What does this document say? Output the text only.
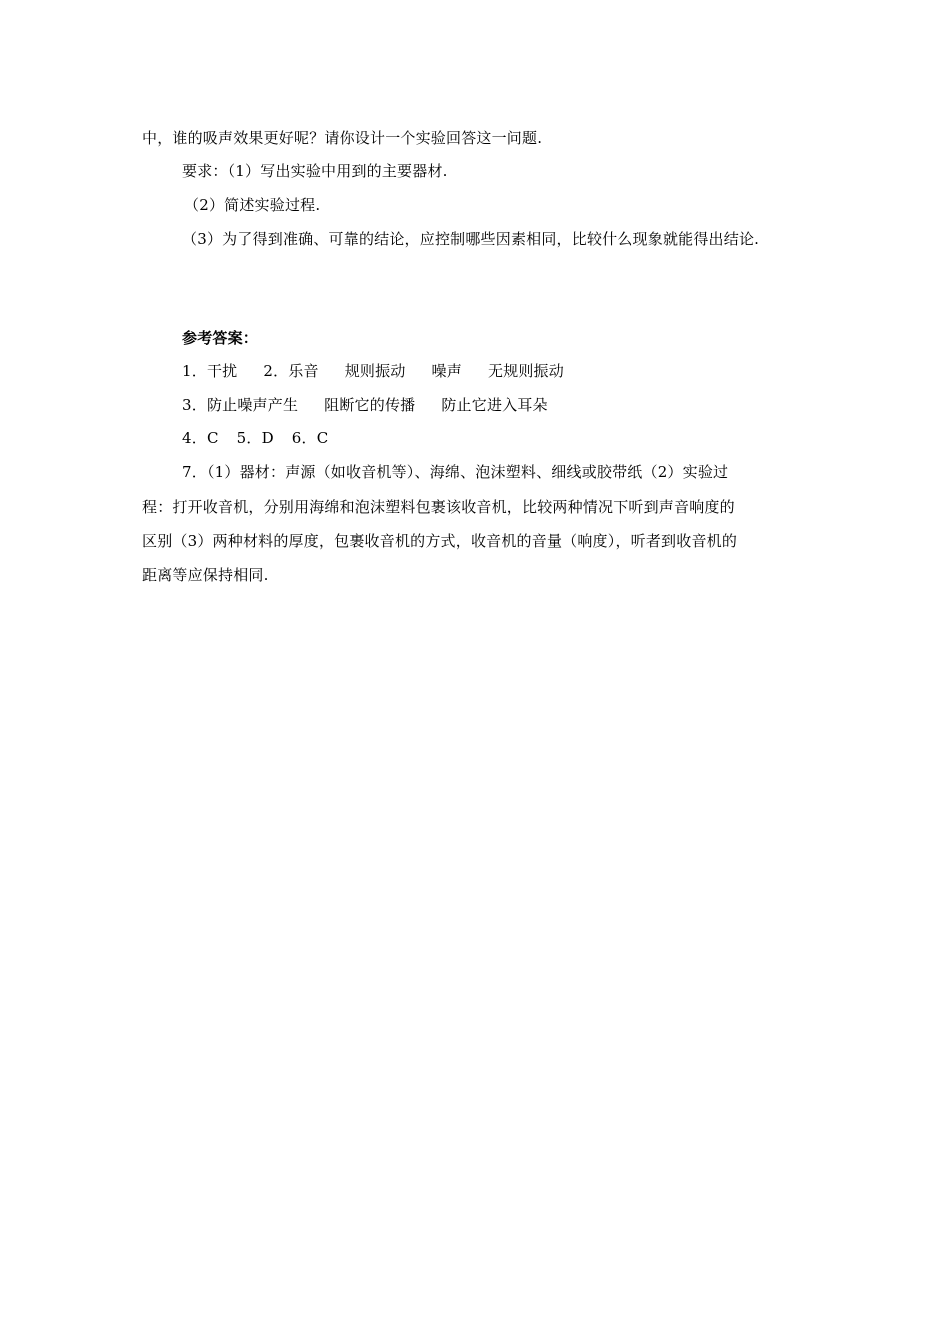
中，谁的吸声效果更好呢？请你设计一个实验回答这一问题.
要求：（1）写出实验中用到的主要器材.
（2）简述实验过程.
（3）为了得到准确、可靠的结论，应控制哪些因素相同，比较什么现象就能得出结论.
参考答案：
1．干扰 2．乐音 规则振动 噪声 无规则振动
3．防止噪声产生 阻断它的传播 防止它进入耳朵
4．C 5．D 6．C
7．（1）器材：声源（如收音机等）、海绵、泡沫塑料、细线或胶带纸（2）实验过
程：打开收音机，分别用海绵和泡沫塑料包裹该收音机，比较两种情况下听到声音响度的
区别（3）两种材料的厚度，包裹收音机的方式，收音机的音量（响度），听者到收音机的
距离等应保持相同.
